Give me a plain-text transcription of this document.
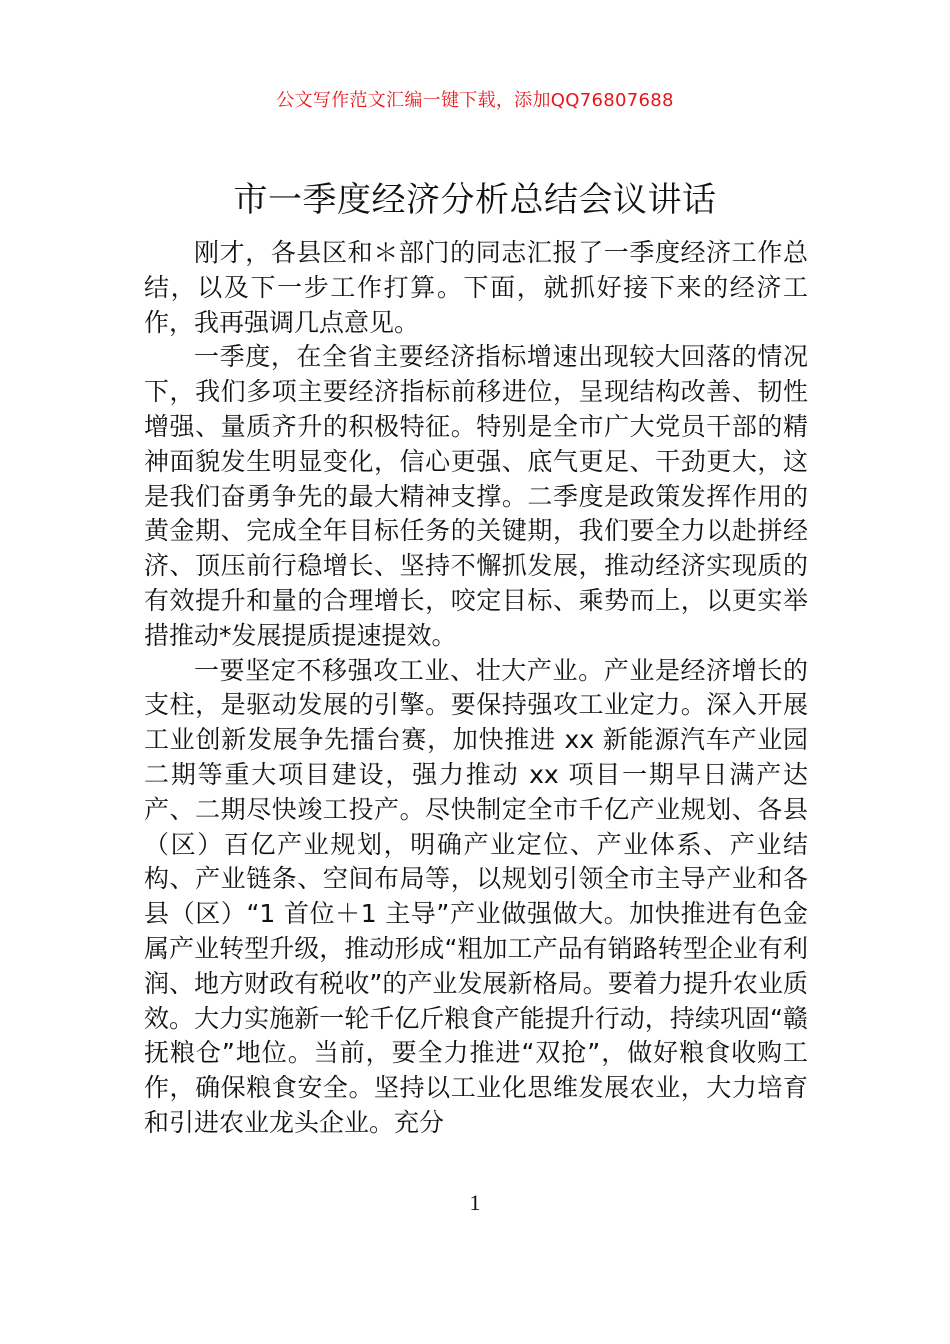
公文写作范文汇编一键下载，添加QQ76807688
市一季度经济分析总结会议讲话

刚才，各县区和＊部门的同志汇报了一季度经济工作总结，以及下一步工作打算。下面，就抓好接下来的经济工作，我再强调几点意见。

一季度，在全省主要经济指标增速出现较大回落的情况下，我们多项主要经济指标前移进位，呈现结构改善、韧性增强、量质齐升的积极特征。特别是全市广大党员干部的精神面貌发生明显变化，信心更强、底气更足、干劲更大，这是我们奋勇争先的最大精神支撑。二季度是政策发挥作用的黄金期、完成全年目标任务的关键期，我们要全力以赴拼经济、顶压前行稳增长、坚持不懈抓发展，推动经济实现质的有效提升和量的合理增长，咬定目标、乘势而上，以更实举措推动*发展提质提速提效。

一要坚定不移强攻工业、壮大产业。产业是经济增长的支柱，是驱动发展的引擎。要保持强攻工业定力。深入开展工业创新发展争先擂台赛，加快推进 xx 新能源汽车产业园二期等重大项目建设，强力推动 xx 项目一期早日满产达产、二期尽快竣工投产。尽快制定全市千亿产业规划、各县（区）百亿产业规划，明确产业定位、产业体系、产业结构、产业链条、空间布局等，以规划引领全市主导产业和各县（区）“1 首位＋1 主导”产业做强做大。加快推进有色金属产业转型升级，推动形成“粗加工产品有销路转型企业有利润、地方财政有税收”的产业发展新格局。要着力提升农业质效。大力实施新一轮千亿斤粮食产能提升行动，持续巩固“赣抚粮仓”地位。当前，要全力推进“双抢”，做好粮食收购工作，确保粮食安全。坚持以工业化思维发展农业，大力培育和引进农业龙头企业。充分

1
